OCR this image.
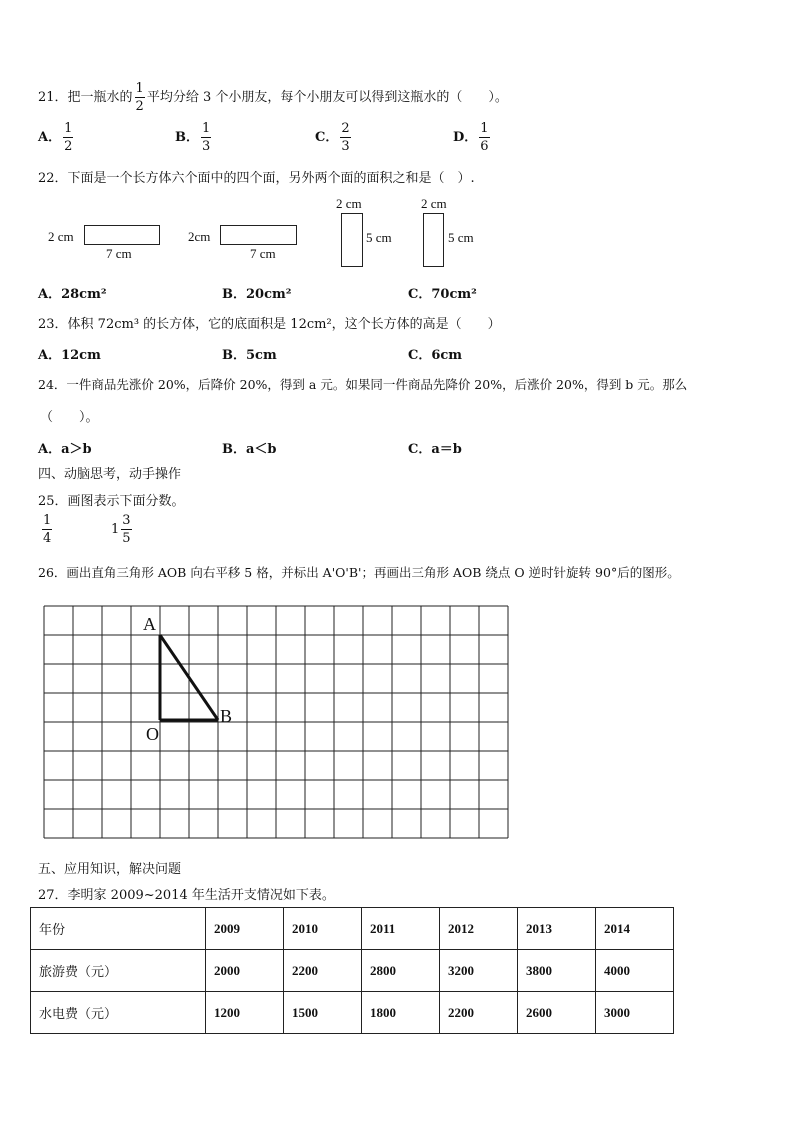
21．把一瓶水的 $\frac{1}{2}$ 平均分给 3 个小朋友，每个小朋友可以得到这瓶水的（　　）。
A． $\frac{1}{2}$	B． $\frac{1}{3}$	C． $\frac{2}{3}$	D． $\frac{1}{6}$
22．下面是一个长方体六个面中的四个面，另外两个面的面积之和是（　）.
2 cm
7 cm
2cm
7 cm
2 cm
5 cm
2 cm
5 cm
A．28cm²	B．20cm²	C．70cm²
23．体积 72cm³ 的长方体，它的底面积是 12cm²，这个长方体的高是（　　）
A．12cm	B．5cm	C．6cm
24．一件商品先涨价 20%，后降价 20%，得到 a 元。如果同一件商品先降价 20%，后涨价 20%，得到 b 元。那么
（　　）。
A．a＞b	B．a＜b	C．a＝b
四、动脑思考，动手操作
25．画图表示下面分数。
$\frac{1}{4}$	$1 \frac{3}{5}$
26．画出直角三角形 AOB 向右平移 5 格，并标出 A'O'B'；再画出三角形 AOB 绕点 O 逆时针旋转 90°后的图形。
A
O
B
五、应用知识，解决问题
27．李明家 2009~2014 年生活开支情况如下表。
年份	2009	2010	2011	2012	2013	2014
旅游费（元）	2000	2200	2800	3200	3800	4000
水电费（元）	1200	1500	1800	2200	2600	3000
